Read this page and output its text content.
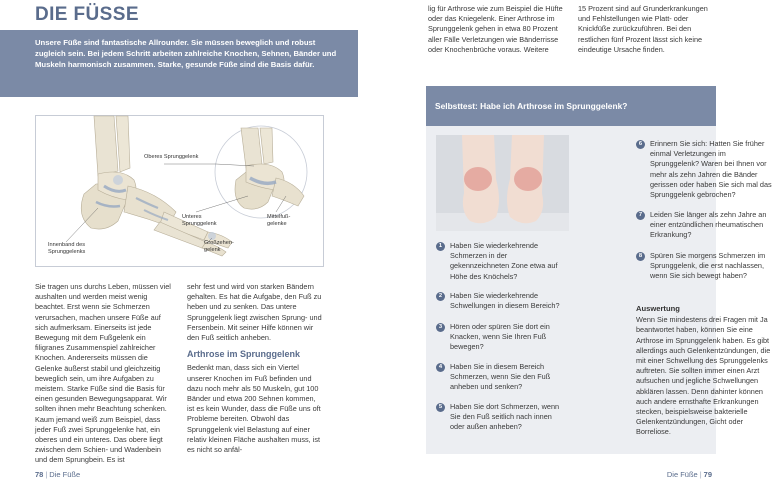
DIE FÜSSE
Unsere Füße sind fantastische Allrounder. Sie müssen beweglich und robust zugleich sein. Bei jedem Schritt arbeiten zahlreiche Knochen, Sehnen, Bänder und Muskeln harmonisch zusammen. Starke, gesunde Füße sind die Basis dafür.
Oberes Sprunggelenk
Unteres Sprunggelenk
Mittelfuß-gelenke
Großzehen-gelenk
Innenband des Sprunggelenks
Sie tragen uns durchs Leben, müssen viel aushalten und werden meist wenig beachtet. Erst wenn sie Schmerzen verursachen, machen unsere Füße auf sich aufmerksam. Einerseits ist jede Bewegung mit dem Fußgelenk ein filigranes Zusammenspiel zahlreicher Knochen. Andererseits müssen die Gelenke äußerst stabil und gleichzeitig beweglich sein, um ihre Aufgaben zu meistern. Starke Füße sind die Basis für einen gesunden Bewegungsapparat. Wir sollten ihnen mehr Beachtung schenken. Kaum jemand weiß zum Beispiel, dass jeder Fuß zwei Sprunggelenke hat, ein oberes und ein unteres. Das obere liegt zwischen dem Schien- und Wadenbein und dem Sprungbein. Es ist

sehr fest und wird von starken Bändern gehalten. Es hat die Aufgabe, den Fuß zu heben und zu senken. Das untere Sprunggelenk liegt zwischen Sprung- und Fersenbein. Mit seiner Hilfe können wir den Fuß seitlich anheben.

Arthrose im Sprunggelenk

Bedenkt man, dass sich ein Viertel unserer Knochen im Fuß befinden und dazu noch mehr als 50 Muskeln, gut 100 Bänder und etwa 200 Sehnen kommen, ist es kein Wunder, dass die Füße uns oft Probleme bereiten. Obwohl das Sprunggelenk viel Belastung auf einer relativ kleinen Fläche aushalten muss, ist es nicht so anfäl-

78 | Die Füße
lig für Arthrose wie zum Beispiel die Hüfte oder das Kniegelenk. Einer Arthrose im Sprunggelenk gehen in etwa 80 Prozent aller Fälle Verletzungen wie Bänderrisse oder Knochenbrüche voraus. Weitere
15 Prozent sind auf Grunderkrankungen und Fehlstellungen wie Platt- oder Knickfüße zurückzuführen. Bei den restlichen fünf Prozent lässt sich keine eindeutige Ursache finden.
Selbsttest: Habe ich Arthrose im Sprunggelenk?
1	Haben Sie wiederkehrende Schmerzen in der gekennzeichneten Zone etwa auf Höhe des Knöchels?
2	Haben Sie wiederkehrende Schwellungen in diesem Bereich?
3	Hören oder spüren Sie dort ein Knacken, wenn Sie Ihren Fuß bewegen?
4	Haben Sie in diesem Bereich Schmerzen, wenn Sie den Fuß anheben und senken?
5	Haben Sie dort Schmerzen, wenn Sie den Fuß seitlich nach innen oder außen anheben?
6	Erinnern Sie sich: Hatten Sie früher einmal Verletzungen im Sprunggelenk? Waren bei Ihnen vor mehr als zehn Jahren die Bänder gerissen oder haben Sie sich mal das Sprunggelenk gebrochen?
7	Leiden Sie länger als zehn Jahre an einer entzündlichen rheumatischen Erkrankung?
8	Spüren Sie morgens Schmerzen im Sprunggelenk, die erst nachlassen, wenn Sie sich bewegt haben?
Auswertung
Wenn Sie mindestens drei Fragen mit Ja beantwortet haben, können Sie eine Arthrose im Sprunggelenk haben. Es gibt allerdings auch Gelenkentzündungen, die mit einer Schwellung des Sprunggelenks auftreten. Sie sollten immer einen Arzt aufsuchen und jegliche Schwellungen abklären lassen. Denn dahinter können auch andere ernsthafte Erkrankungen stecken, beispielsweise bakterielle Gelenkentzündungen, Gicht oder Borreliose.
Die Füße | 79
